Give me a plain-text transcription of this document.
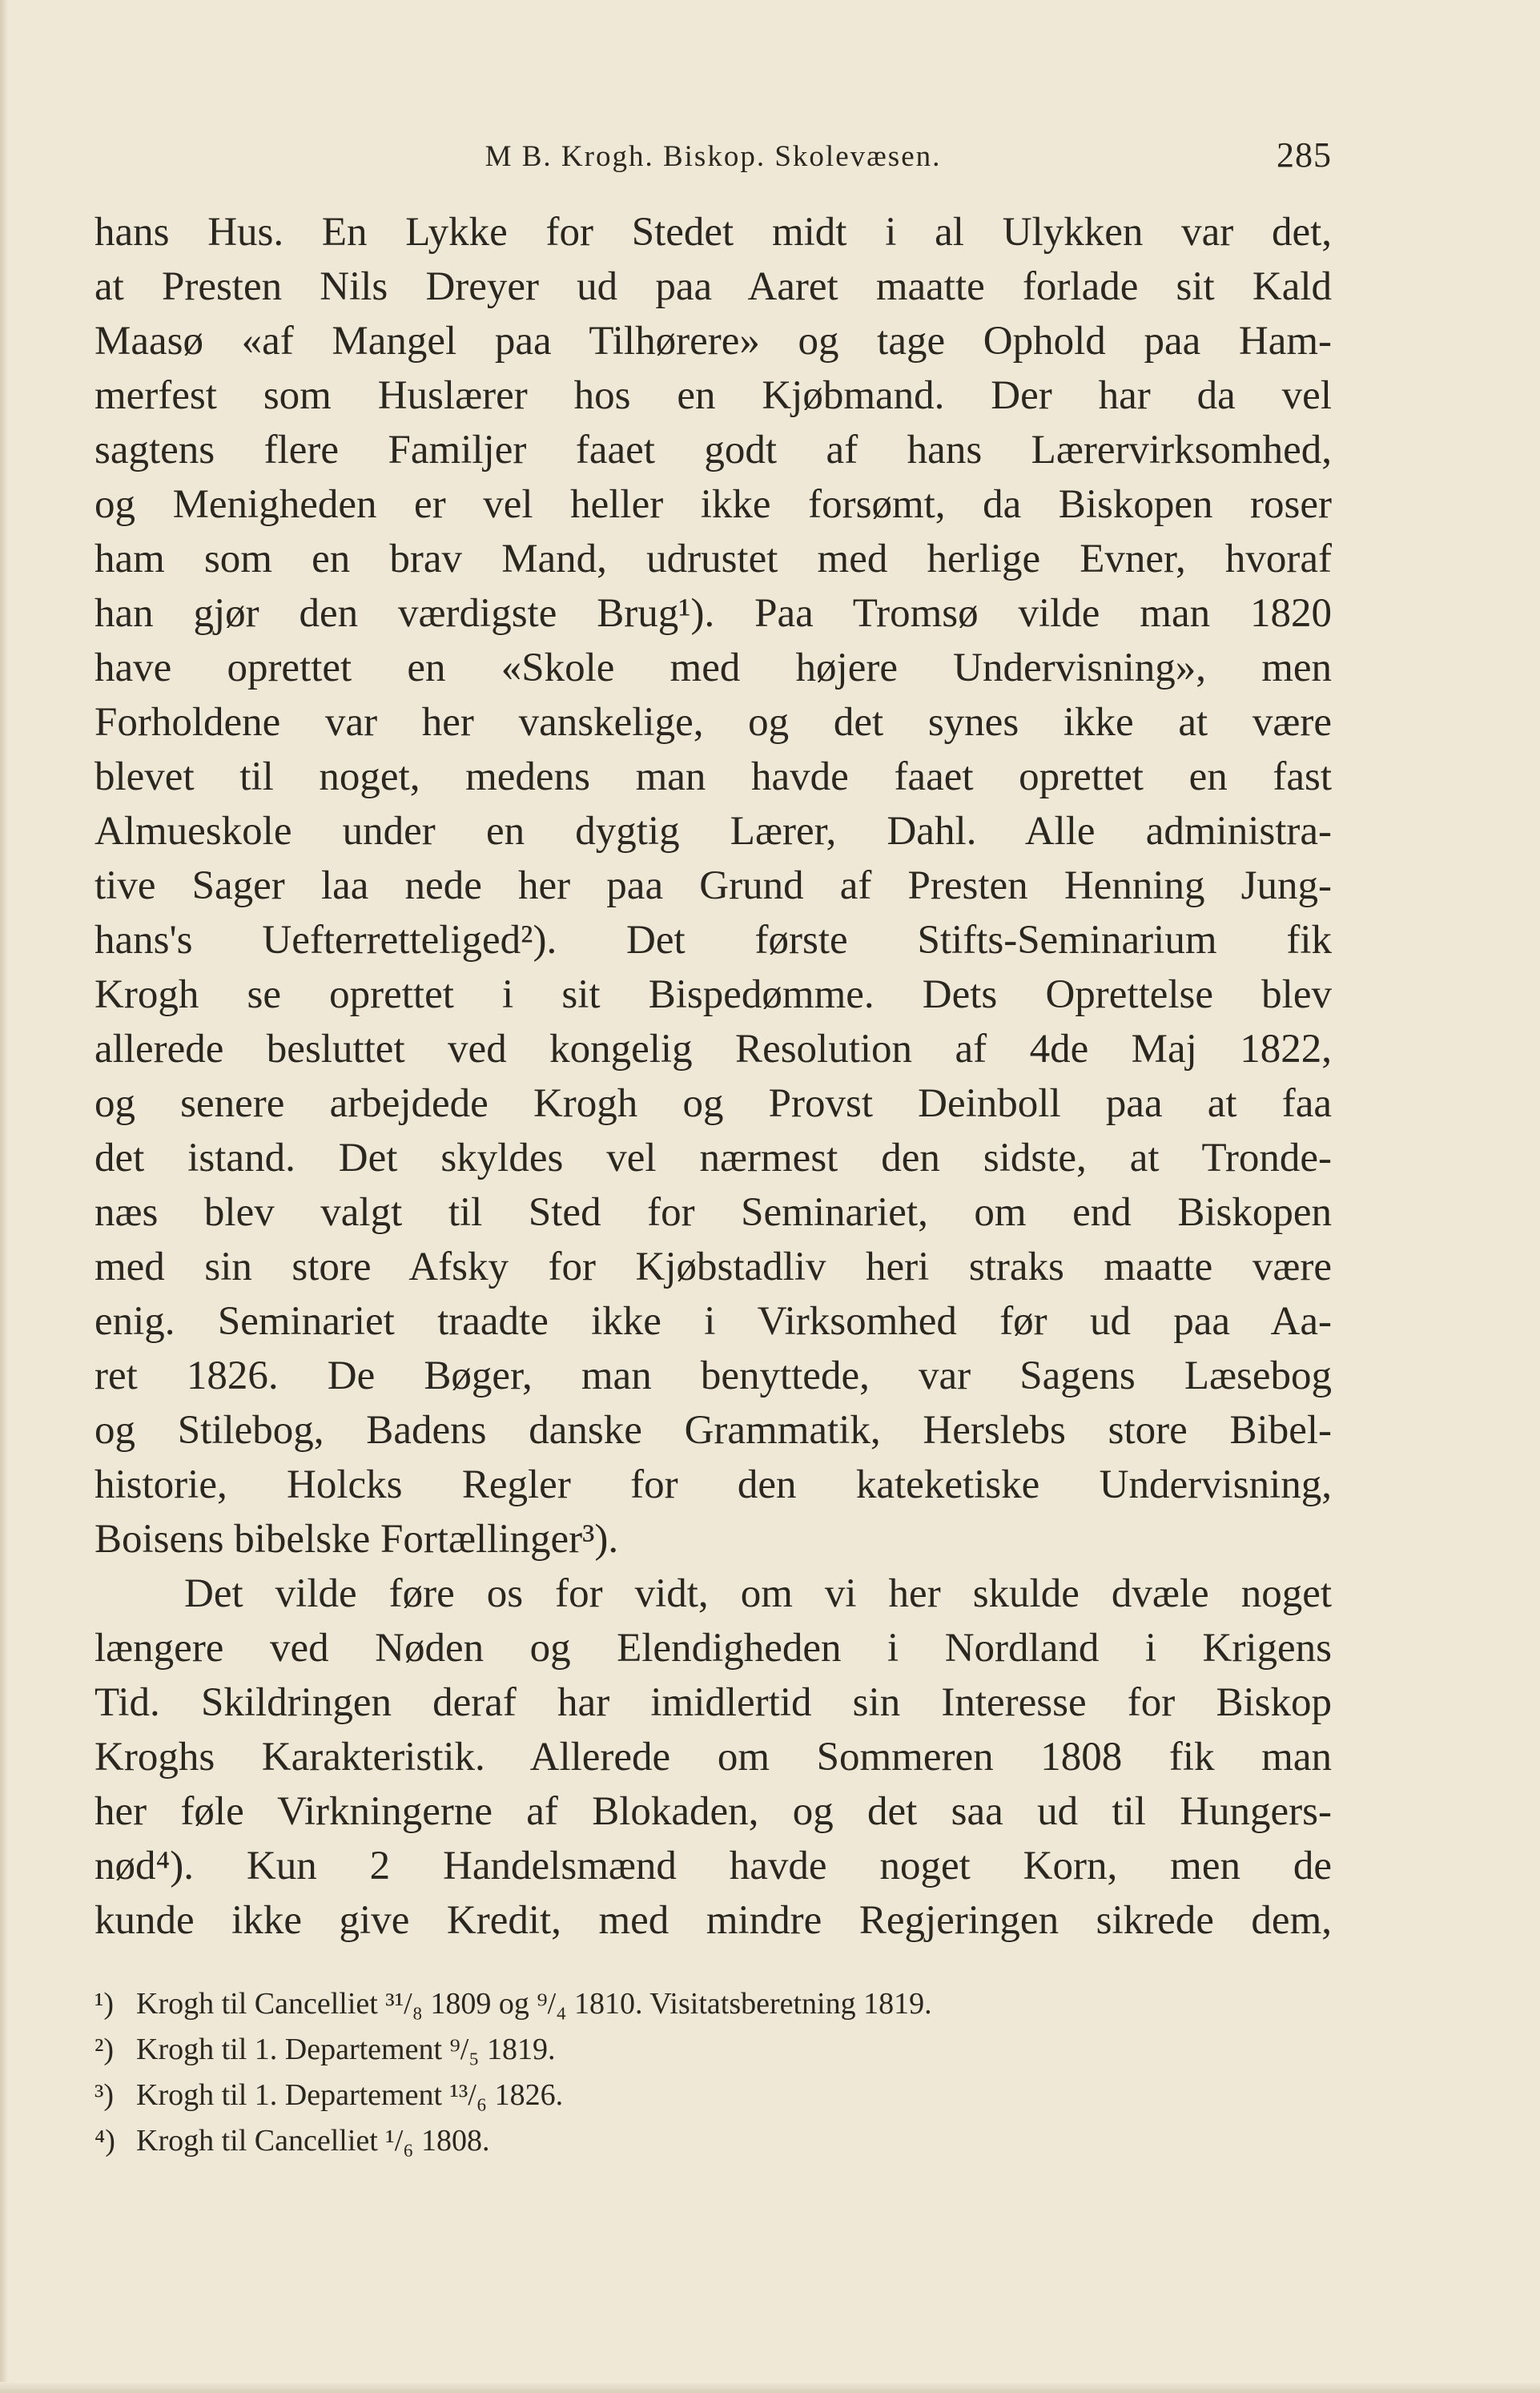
M B. Krogh. Biskop. Skolevæsen.	285
hans Hus. En Lykke for Stedet midt i al Ulykken var det,
at Presten Nils Dreyer ud paa Aaret maatte forlade sit Kald
Maasø «af Mangel paa Tilhørere» og tage Ophold paa Ham-
merfest som Huslærer hos en Kjøbmand. Der har da vel
sagtens flere Familjer faaet godt af hans Lærervirksomhed,
og Menigheden er vel heller ikke forsømt, da Biskopen roser
ham som en brav Mand, udrustet med herlige Evner, hvoraf
han gjør den værdigste Brug¹). Paa Tromsø vilde man 1820
have oprettet en «Skole med højere Undervisning», men
Forholdene var her vanskelige, og det synes ikke at være
blevet til noget, medens man havde faaet oprettet en fast
Almueskole under en dygtig Lærer, Dahl. Alle administra-
tive Sager laa nede her paa Grund af Presten Henning Jung-
hans's Uefterretteliged²). Det første Stifts-Seminarium fik
Krogh se oprettet i sit Bispedømme. Dets Oprettelse blev
allerede besluttet ved kongelig Resolution af 4de Maj 1822,
og senere arbejdede Krogh og Provst Deinboll paa at faa
det istand. Det skyldes vel nærmest den sidste, at Tronde-
næs blev valgt til Sted for Seminariet, om end Biskopen
med sin store Afsky for Kjøbstadliv heri straks maatte være
enig. Seminariet traadte ikke i Virksomhed før ud paa Aa-
ret 1826. De Bøger, man benyttede, var Sagens Læsebog
og Stilebog, Badens danske Grammatik, Herslebs store Bibel-
historie, Holcks Regler for den kateketiske Undervisning,
Boisens bibelske Fortællinger³).
Det vilde føre os for vidt, om vi her skulde dvæle noget
længere ved Nøden og Elendigheden i Nordland i Krigens
Tid. Skildringen deraf har imidlertid sin Interesse for Biskop
Kroghs Karakteristik. Allerede om Sommeren 1808 fik man
her føle Virkningerne af Blokaden, og det saa ud til Hungers-
nød⁴). Kun 2 Handelsmænd havde noget Korn, men de
kunde ikke give Kredit, med mindre Regjeringen sikrede dem,
¹) Krogh til Cancelliet ³¹/₈ 1809 og ⁹/₄ 1810. Visitatsberetning 1819.
²) Krogh til 1. Departement ⁹/₅ 1819.
³) Krogh til 1. Departement ¹³/₆ 1826.
⁴) Krogh til Cancelliet ¹/₆ 1808.
